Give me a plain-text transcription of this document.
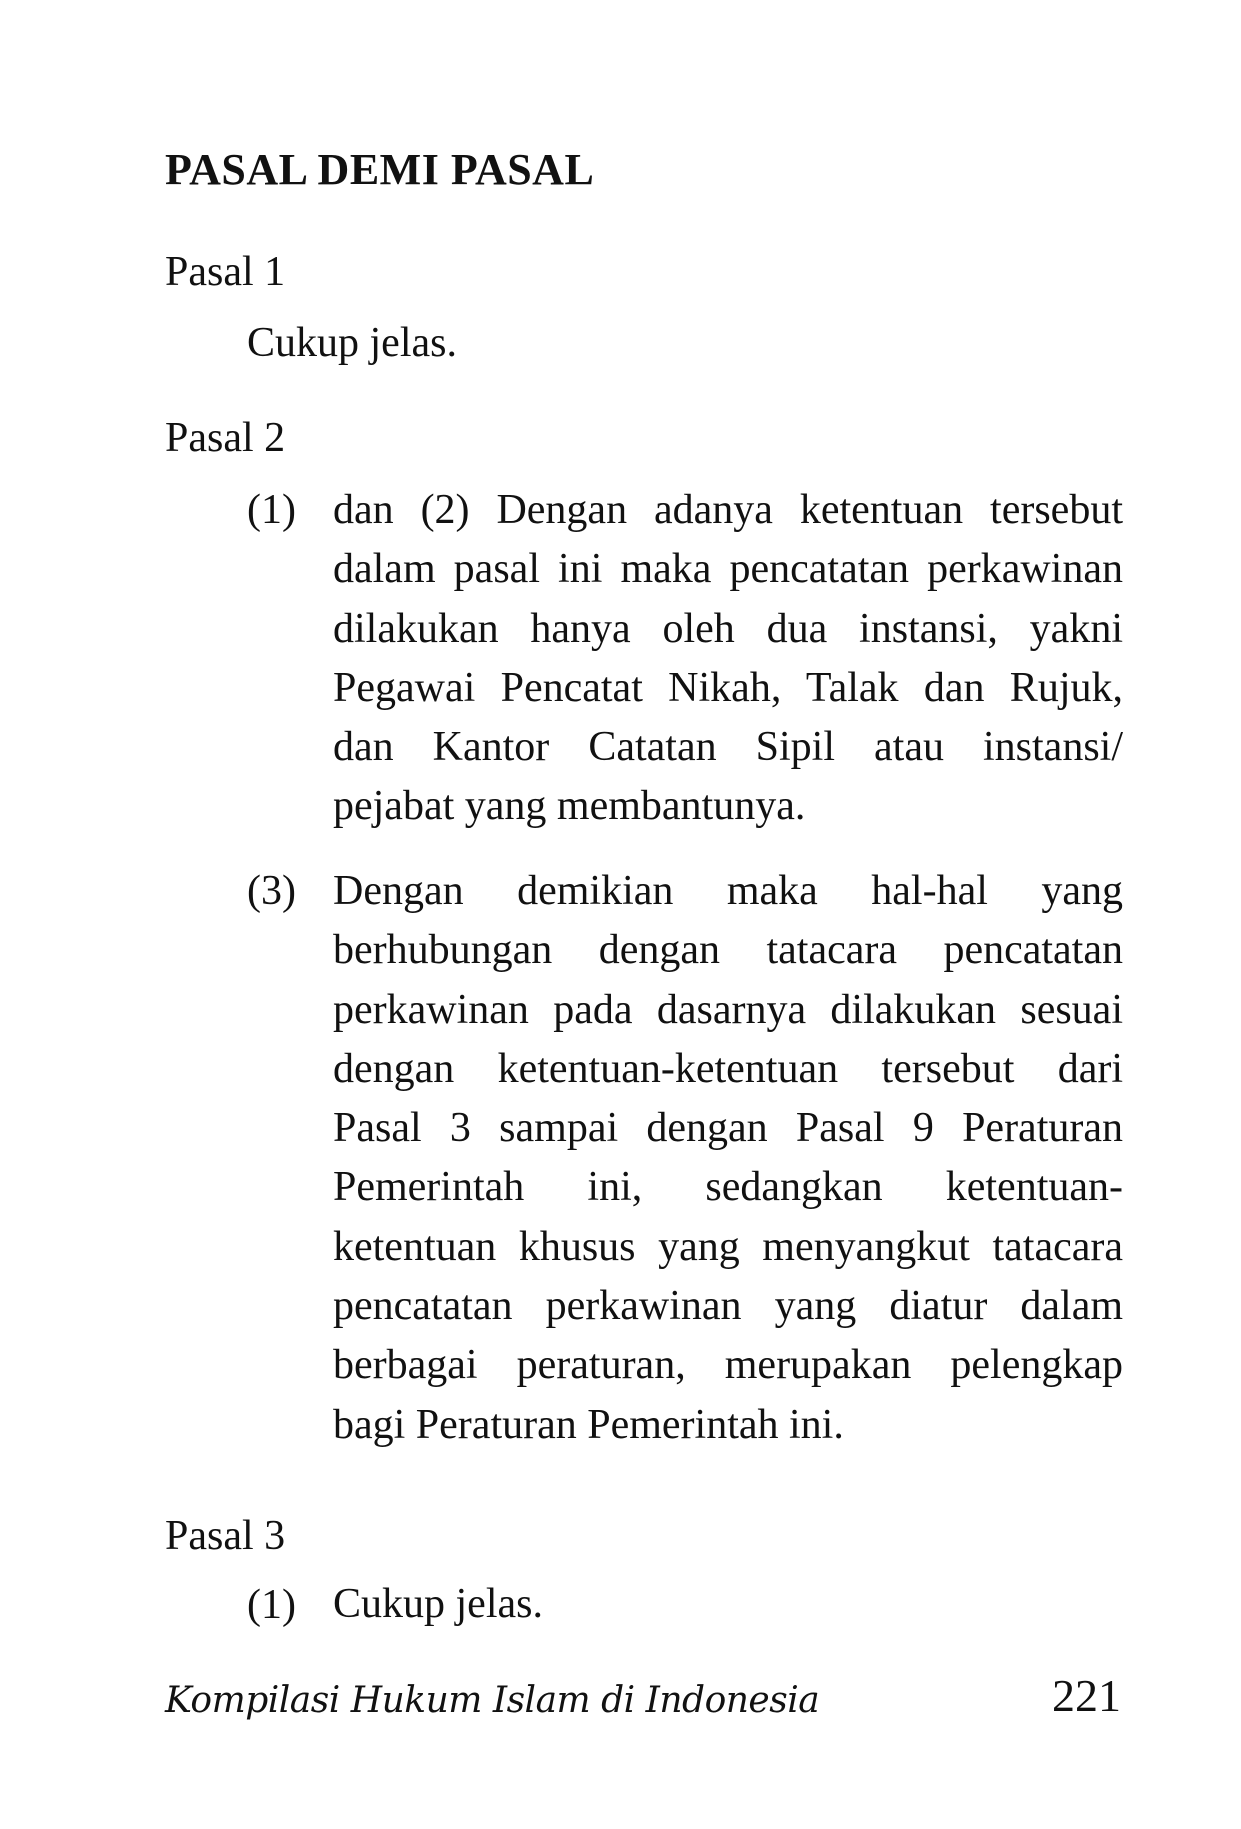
PASAL DEMI PASAL
Pasal 1
Cukup jelas.
Pasal 2
(1) dan (2) Dengan adanya ketentuan tersebut
dalam pasal ini maka pencatatan perkawinan
dilakukan hanya oleh dua instansi, yakni
Pegawai Pencatat Nikah, Talak dan Rujuk,
dan Kantor Catatan Sipil atau instansi/
pejabat yang membantunya.
(3) Dengan demikian maka hal-hal yang
berhubungan dengan tatacara pencatatan
perkawinan pada dasarnya dilakukan sesuai
dengan ketentuan-ketentuan tersebut dari
Pasal 3 sampai dengan Pasal 9 Peraturan
Pemerintah ini, sedangkan ketentuan-
ketentuan khusus yang menyangkut tatacara
pencatatan perkawinan yang diatur dalam
berbagai peraturan, merupakan pelengkap
bagi Peraturan Pemerintah ini.
Pasal 3
(1) Cukup jelas.
Kompilasi Hukum Islam di Indonesia	221
